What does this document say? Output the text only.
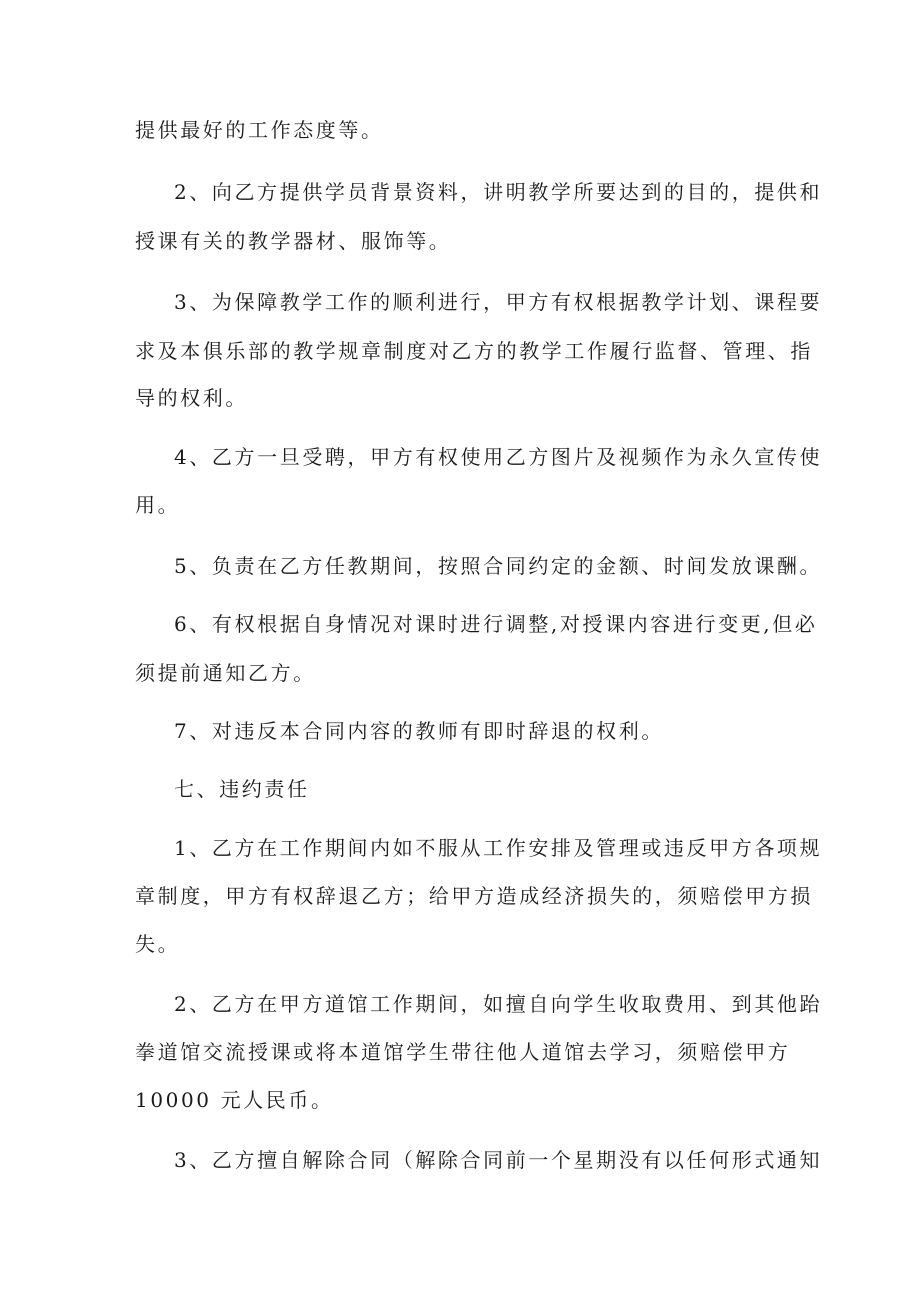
提供最好的工作态度等。

2、向乙方提供学员背景资料，讲明教学所要达到的目的，提供和

授课有关的教学器材、服饰等。

3、为保障教学工作的顺利进行，甲方有权根据教学计划、课程要

求及本俱乐部的教学规章制度对乙方的教学工作履行监督、管理、指

导的权利。

4、乙方一旦受聘，甲方有权使用乙方图片及视频作为永久宣传使

用。

5、负责在乙方任教期间，按照合同约定的金额、时间发放课酬。

6、有权根据自身情况对课时进行调整,对授课内容进行变更,但必

须提前通知乙方。

7、对违反本合同内容的教师有即时辞退的权利。

七、违约责任

1、乙方在工作期间内如不服从工作安排及管理或违反甲方各项规

章制度，甲方有权辞退乙方；给甲方造成经济损失的，须赔偿甲方损

失。

2、乙方在甲方道馆工作期间，如擅自向学生收取费用、到其他跆

拳道馆交流授课或将本道馆学生带往他人道馆去学习，须赔偿甲方

10000 元人民币。

3、乙方擅自解除合同（解除合同前一个星期没有以任何形式通知
